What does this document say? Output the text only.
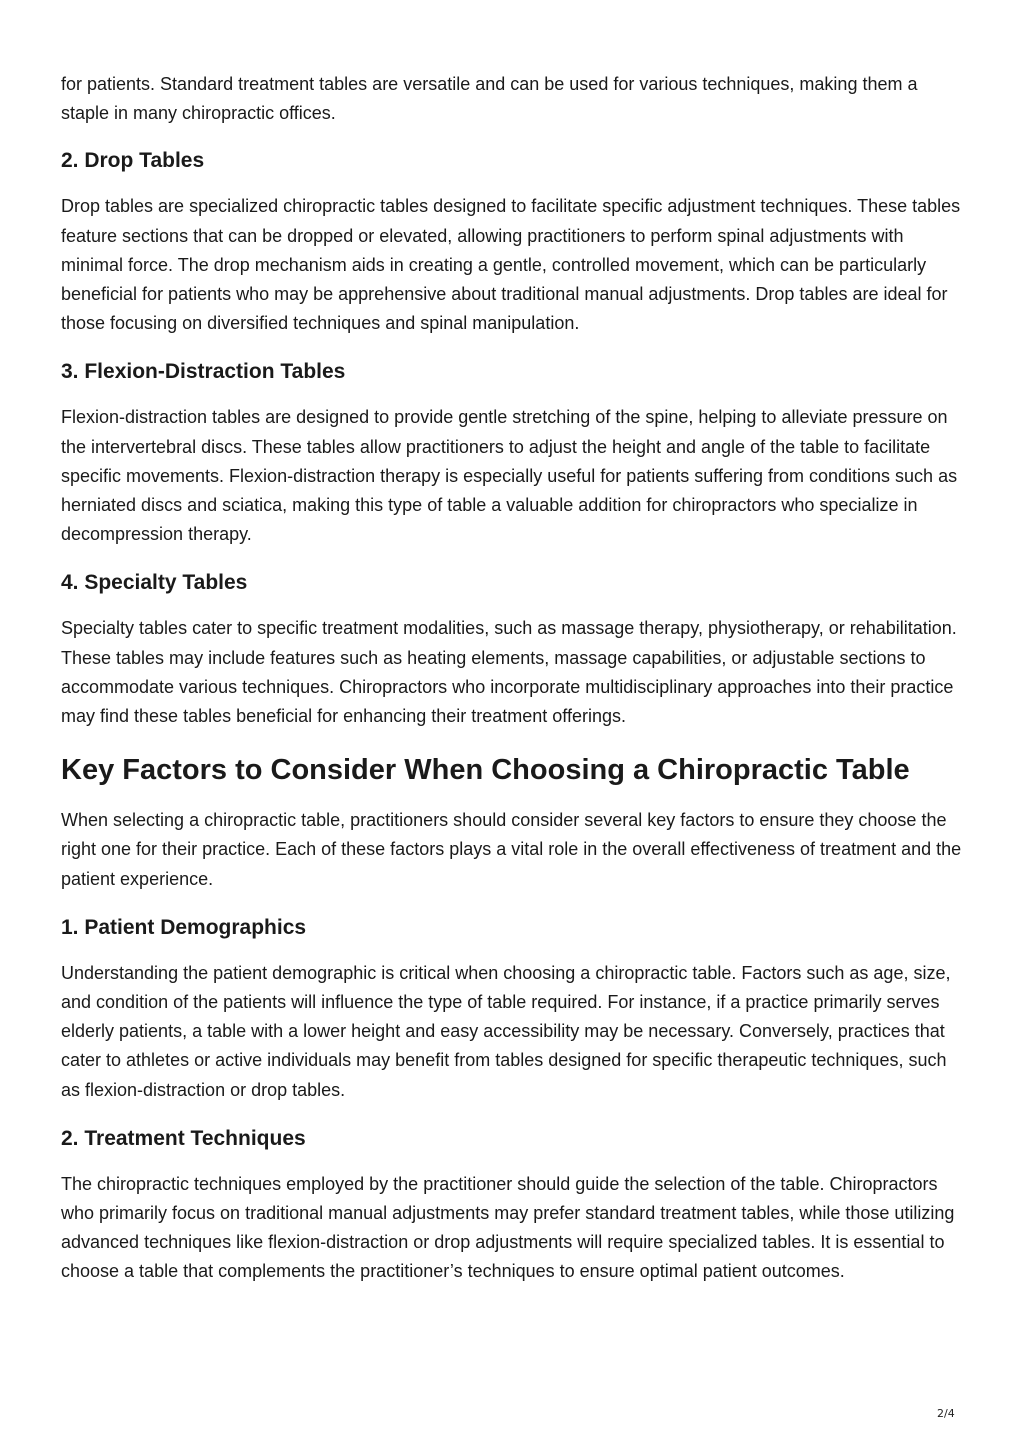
for patients. Standard treatment tables are versatile and can be used for various techniques, making them a staple in many chiropractic offices.

2. Drop Tables

Drop tables are specialized chiropractic tables designed to facilitate specific adjustment techniques. These tables feature sections that can be dropped or elevated, allowing practitioners to perform spinal adjustments with minimal force. The drop mechanism aids in creating a gentle, controlled movement, which can be particularly beneficial for patients who may be apprehensive about traditional manual adjustments. Drop tables are ideal for those focusing on diversified techniques and spinal manipulation.

3. Flexion-Distraction Tables

Flexion-distraction tables are designed to provide gentle stretching of the spine, helping to alleviate pressure on the intervertebral discs. These tables allow practitioners to adjust the height and angle of the table to facilitate specific movements. Flexion-distraction therapy is especially useful for patients suffering from conditions such as herniated discs and sciatica, making this type of table a valuable addition for chiropractors who specialize in decompression therapy.

4. Specialty Tables

Specialty tables cater to specific treatment modalities, such as massage therapy, physiotherapy, or rehabilitation. These tables may include features such as heating elements, massage capabilities, or adjustable sections to accommodate various techniques. Chiropractors who incorporate multidisciplinary approaches into their practice may find these tables beneficial for enhancing their treatment offerings.

Key Factors to Consider When Choosing a Chiropractic Table

When selecting a chiropractic table, practitioners should consider several key factors to ensure they choose the right one for their practice. Each of these factors plays a vital role in the overall effectiveness of treatment and the patient experience.

1. Patient Demographics

Understanding the patient demographic is critical when choosing a chiropractic table. Factors such as age, size, and condition of the patients will influence the type of table required. For instance, if a practice primarily serves elderly patients, a table with a lower height and easy accessibility may be necessary. Conversely, practices that cater to athletes or active individuals may benefit from tables designed for specific therapeutic techniques, such as flexion-distraction or drop tables.

2. Treatment Techniques

The chiropractic techniques employed by the practitioner should guide the selection of the table. Chiropractors who primarily focus on traditional manual adjustments may prefer standard treatment tables, while those utilizing advanced techniques like flexion-distraction or drop adjustments will require specialized tables. It is essential to choose a table that complements the practitioner’s techniques to ensure optimal patient outcomes.

2/4
